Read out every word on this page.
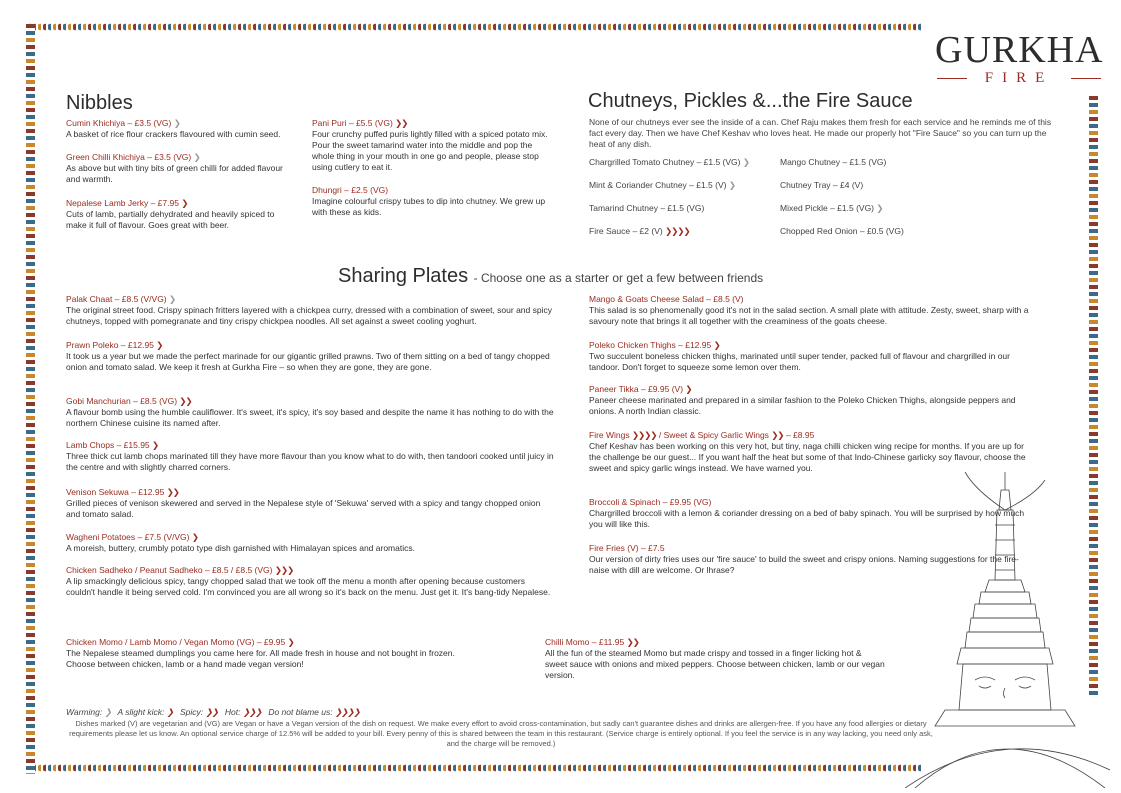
GURKHA
FIRE
Nibbles	Chutneys, Pickles &...the Fire Sauce
Sharing Plates - Choose one as a starter or get a few between friends
None of our chutneys ever see the inside of a can. Chef Raju makes them fresh for each service and he reminds me of this fact every day. Then we have Chef Keshav who loves heat. He made our properly hot "Fire Sauce" so you can turn up the heat of any dish.
Warming: ❯ A slight kick: ❯ Spicy: ❯❯ Hot: ❯❯❯ Do not blame us: ❯❯❯❯
Dishes marked (V) are vegetarian and (VG) are Vegan or have a Vegan version of the dish on request. We make every effort to avoid cross-contamination, but sadly can't guarantee dishes and drinks are allergen-free. If you have any food allergies or dietary requirements please let us know. An optional service charge of 12.5% will be added to your bill. Every penny of this is shared between the team in this restaurant. (Service charge is entirely optional. If you feel the service is in any way lacking, you need only ask, and the charge will be removed.)
Cumin Khichiya – £3.5 (VG) ❯
A basket of rice flour crackers flavoured with cumin seed.
Green Chilli Khichiya – £3.5 (VG) ❯
As above but with tiny bits of green chilli for added flavour and warmth.
Nepalese Lamb Jerky – £7.95 ❯
Cuts of lamb, partially dehydrated and heavily spiced to make it full of flavour. Goes great with beer.
Pani Puri – £5.5 (VG) ❯❯
Four crunchy puffed puris lightly filled with a spiced potato mix. Pour the sweet tamarind water into the middle and pop the whole thing in your mouth in one go and people, please stop using cutlery to eat it.
Dhungri – £2.5 (VG)
Imagine colourful crispy tubes to dip into chutney. We grew up with these as kids.
Chargrilled Tomato Chutney – £1.5 (VG) ❯	Mango Chutney – £1.5 (VG)
Mint & Coriander Chutney – £1.5 (V) ❯	Chutney Tray – £4 (V)
Tamarind Chutney – £1.5 (VG)	Mixed Pickle – £1.5 (VG) ❯
Fire Sauce – £2 (V) ❯❯❯❯	Chopped Red Onion – £0.5 (VG)
Palak Chaat – £8.5 (V/VG) ❯
The original street food. Crispy spinach fritters layered with a chickpea curry, dressed with a combination of sweet, sour and spicy chutneys, topped with pomegranate and tiny crispy chickpea noodles. All set against a sweet cooling yoghurt.
Prawn Poleko – £12.95 ❯
It took us a year but we made the perfect marinade for our gigantic grilled prawns. Two of them sitting on a bed of tangy chopped onion and tomato salad. We keep it fresh at Gurkha Fire – so when they are gone, they are gone.
Gobi Manchurian – £8.5 (VG) ❯❯
A flavour bomb using the humble cauliflower. It's sweet, it's spicy, it's soy based and despite the name it has nothing to do with the northern Chinese cuisine its named after.
Lamb Chops – £15.95 ❯
Three thick cut lamb chops marinated till they have more flavour than you know what to do with, then tandoori cooked until juicy in the centre and with slightly charred corners.
Venison Sekuwa – £12.95 ❯❯
Grilled pieces of venison skewered and served in the Nepalese style of 'Sekuwa' served with a spicy and tangy chopped onion and tomato salad.
Wagheni Potatoes – £7.5 (V/VG) ❯
A moreish, buttery, crumbly potato type dish garnished with Himalayan spices and aromatics.
Chicken Sadheko / Peanut Sadheko – £8.5 / £8.5 (VG) ❯❯❯
A lip smackingly delicious spicy, tangy chopped salad that we took off the menu a month after opening because customers couldn't handle it being served cold. I'm convinced you are all wrong so it's back on the menu. Just get it. It's bang-tidy Nepalese.
Mango & Goats Cheese Salad – £8.5 (V)
This salad is so phenomenally good it's not in the salad section. A small plate with attitude. Zesty, sweet, sharp with a savoury note that brings it all together with the creaminess of the goats cheese.
Poleko Chicken Thighs – £12.95 ❯
Two succulent boneless chicken thighs, marinated until super tender, packed full of flavour and chargrilled in our tandoor. Don't forget to squeeze some lemon over them.
Paneer Tikka – £9.95 (V) ❯
Paneer cheese marinated and prepared in a similar fashion to the Poleko Chicken Thighs, alongside peppers and onions. A north Indian classic.
Fire Wings ❯❯❯❯ / Sweet & Spicy Garlic Wings ❯❯ – £8.95
Chef Keshav has been working on this very hot, but tiny, naga chilli chicken wing recipe for months. If you are up for the challenge be our guest... If you want half the heat but some of that Indo-Chinese garlicky soy flavour, choose the sweet and spicy garlic wings instead. We have warned you.
Broccoli & Spinach – £9.95 (VG)
Chargrilled broccoli with a lemon & coriander dressing on a bed of baby spinach. You will be surprised by how much you will like this.
Fire Fries (V) – £7.5
Our version of dirty fries uses our 'fire sauce' to build the sweet and crispy onions. Naming suggestions for the fire-naise with dill are welcome. Or lhrase?
Chicken Momo / Lamb Momo / Vegan Momo (VG) – £9.95 ❯
The Nepalese steamed dumplings you came here for. All made fresh in house and not bought in frozen. Choose between chicken, lamb or a hand made vegan version!
Chilli Momo – £11.95 ❯❯
All the fun of the steamed Momo but made crispy and tossed in a finger licking hot & sweet sauce with onions and mixed peppers. Choose between chicken, lamb or our vegan version.
